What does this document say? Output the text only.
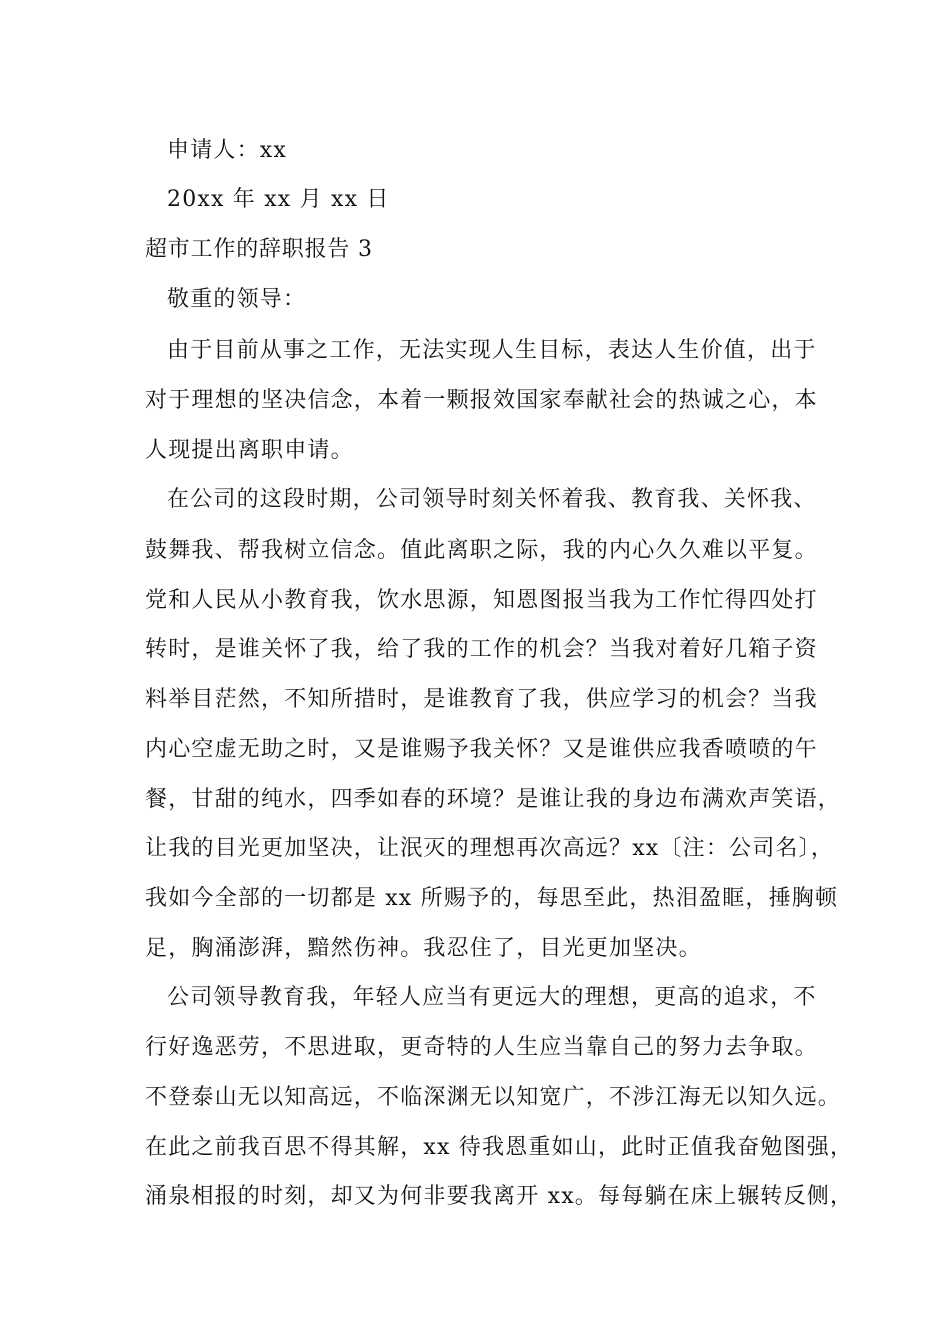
申请人：xx
20xx 年 xx 月 xx 日
超市工作的辞职报告 3
敬重的领导：
由于目前从事之工作，无法实现人生目标，表达人生价值，出于
对于理想的坚决信念，本着一颗报效国家奉献社会的热诚之心，本
人现提出离职申请。
在公司的这段时期，公司领导时刻关怀着我、教育我、关怀我、
鼓舞我、帮我树立信念。值此离职之际，我的内心久久难以平复。
党和人民从小教育我，饮水思源，知恩图报当我为工作忙得四处打
转时，是谁关怀了我，给了我的工作的机会？当我对着好几箱子资
料举目茫然，不知所措时，是谁教育了我，供应学习的机会？当我
内心空虚无助之时，又是谁赐予我关怀？又是谁供应我香喷喷的午
餐，甘甜的纯水，四季如春的环境？是谁让我的身边布满欢声笑语，
让我的目光更加坚决，让泯灭的理想再次高远？xx〔注：公司名〕，
我如今全部的一切都是 xx 所赐予的，每思至此，热泪盈眶，捶胸顿
足，胸涌澎湃，黯然伤神。我忍住了，目光更加坚决。
公司领导教育我，年轻人应当有更远大的理想，更高的追求，不
行好逸恶劳，不思进取，更奇特的人生应当靠自己的努力去争取。
不登泰山无以知高远，不临深渊无以知宽广，不涉江海无以知久远。
在此之前我百思不得其解，xx 待我恩重如山，此时正值我奋勉图强，
涌泉相报的时刻，却又为何非要我离开 xx。每每躺在床上辗转反侧，
